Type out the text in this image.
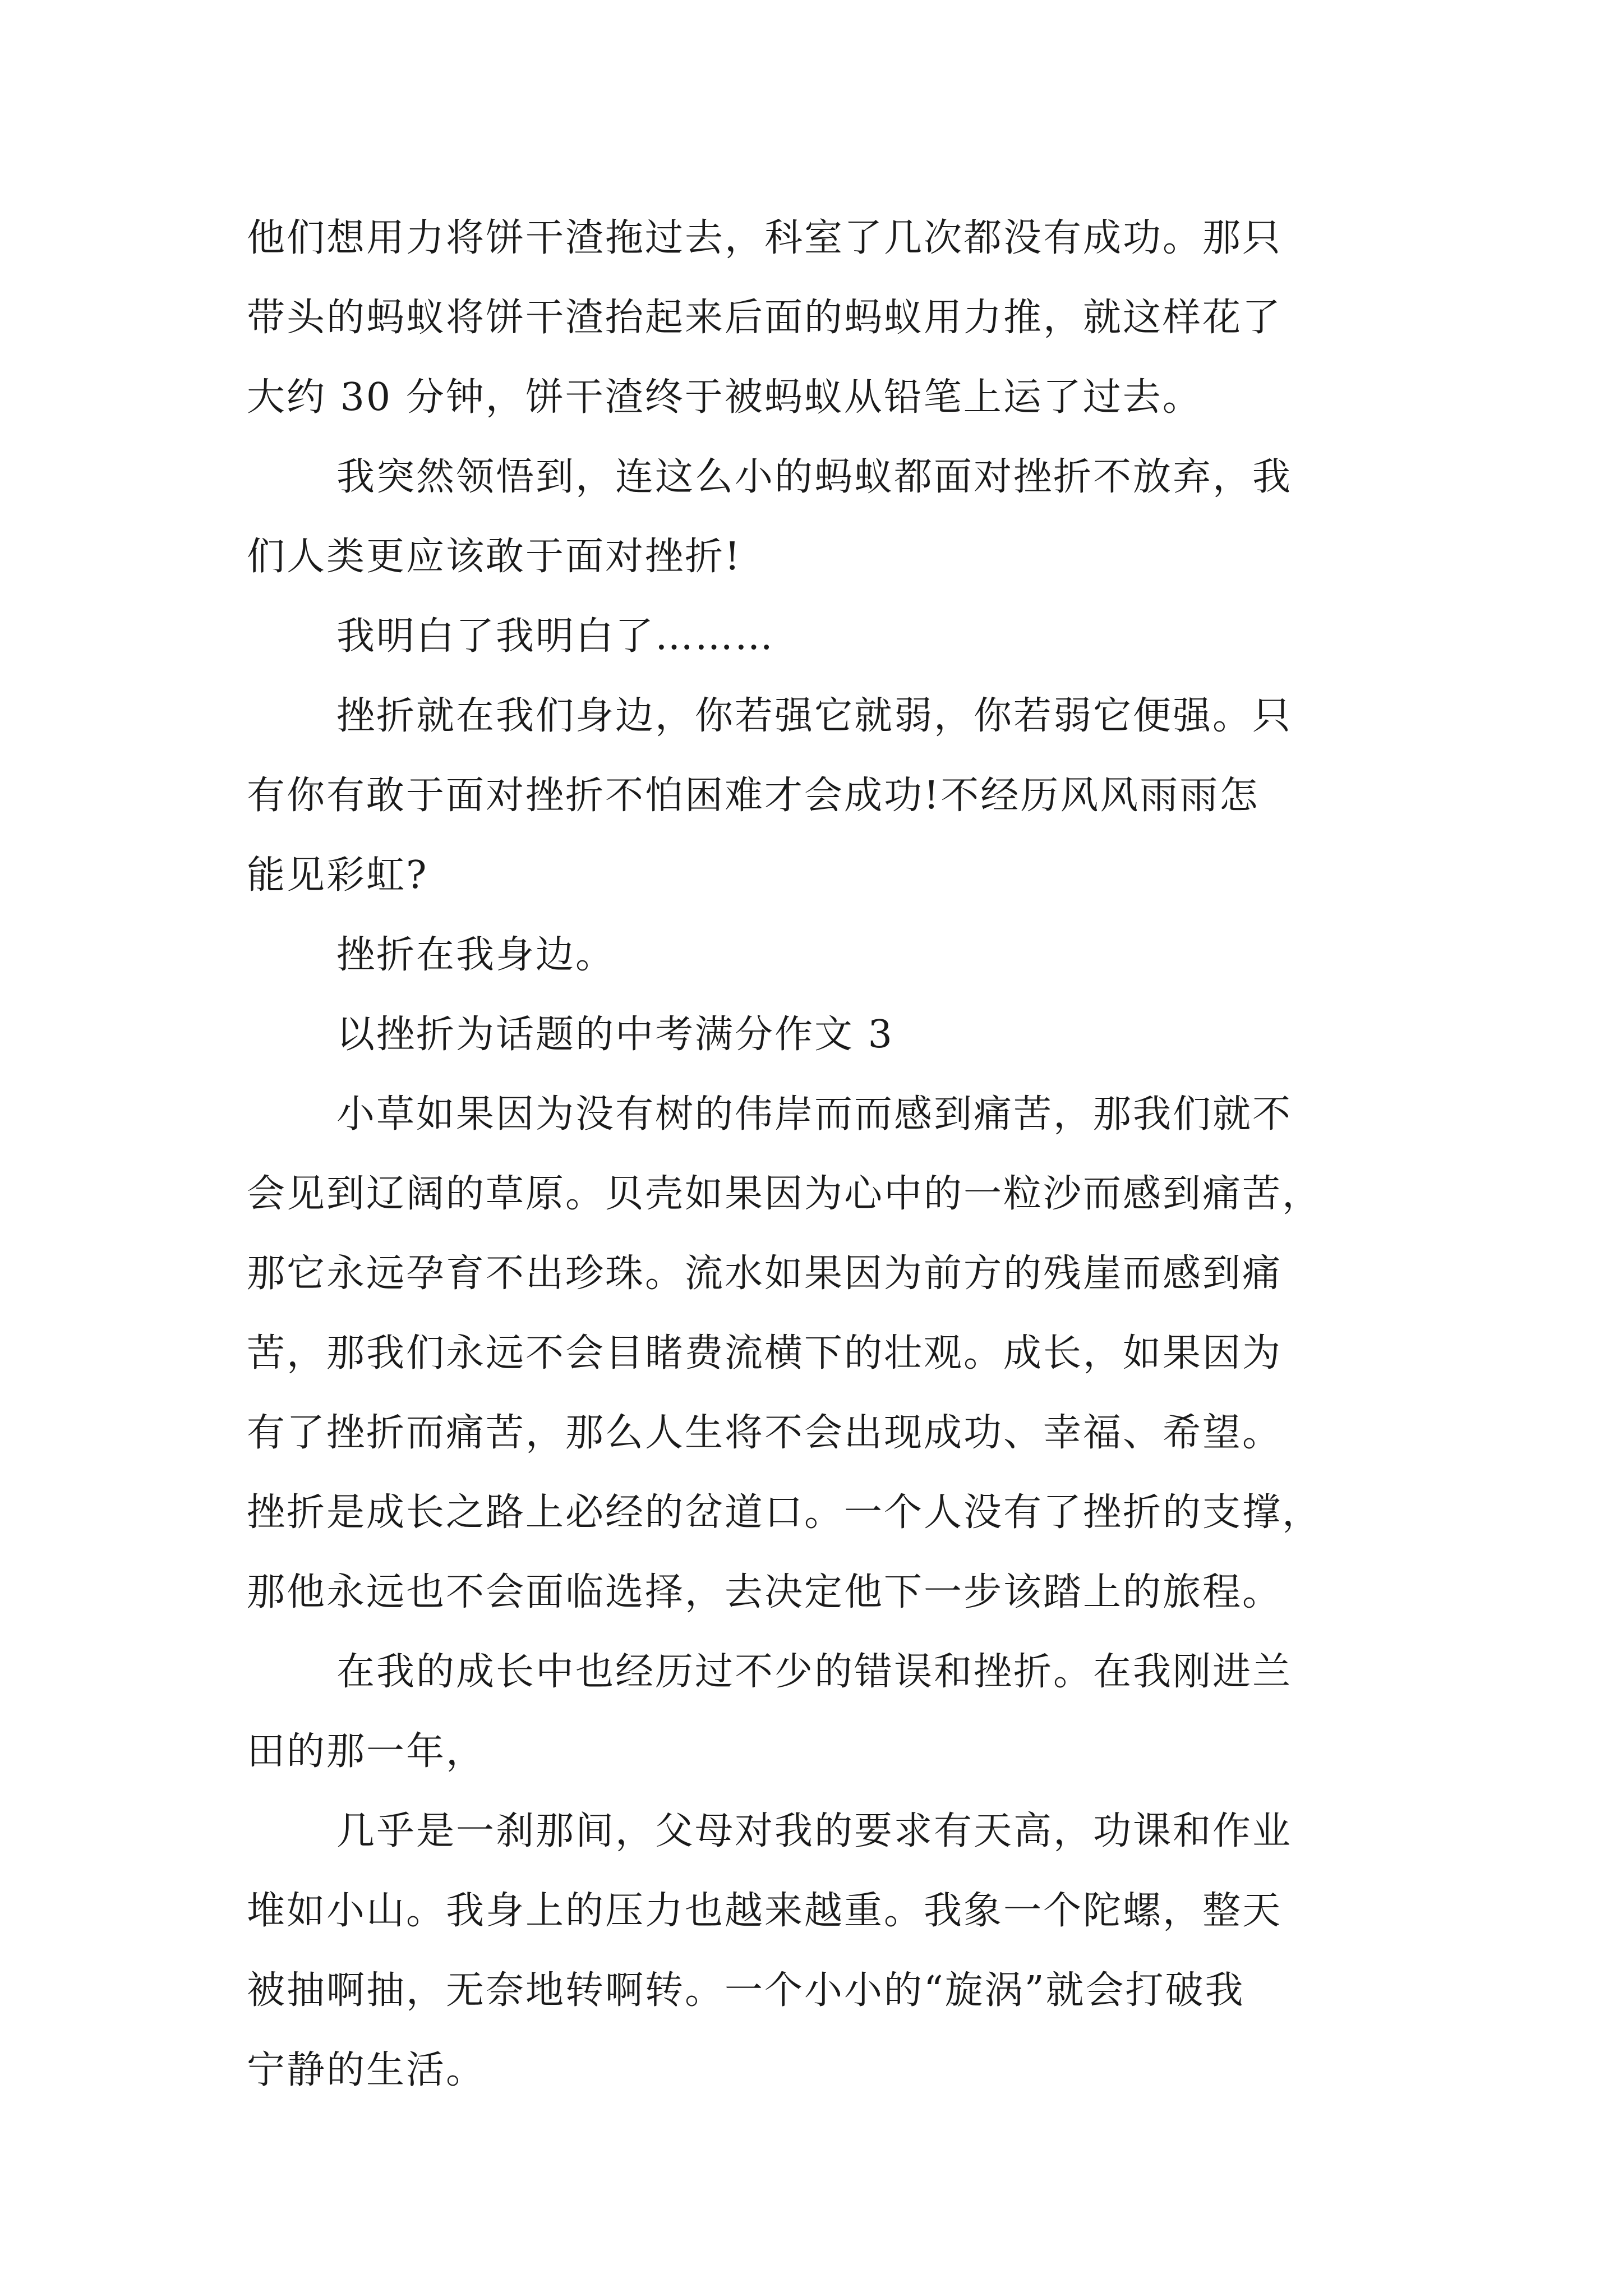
他们想用力将饼干渣拖过去，科室了几次都没有成功。那只
带头的蚂蚁将饼干渣抬起来后面的蚂蚁用力推，就这样花了
大约 30 分钟，饼干渣终于被蚂蚁从铅笔上运了过去。
我突然领悟到，连这么小的蚂蚁都面对挫折不放弃，我
们人类更应该敢于面对挫折!
我明白了我明白了………
挫折就在我们身边，你若强它就弱，你若弱它便强。只
有你有敢于面对挫折不怕困难才会成功!不经历风风雨雨怎
能见彩虹?
挫折在我身边。
以挫折为话题的中考满分作文 3
小草如果因为没有树的伟岸而而感到痛苦，那我们就不
会见到辽阔的草原。贝壳如果因为心中的一粒沙而感到痛苦，
那它永远孕育不出珍珠。流水如果因为前方的残崖而感到痛
苦，那我们永远不会目睹费流横下的壮观。成长，如果因为
有了挫折而痛苦，那么人生将不会出现成功、幸福、希望。
挫折是成长之路上必经的岔道口。一个人没有了挫折的支撑，
那他永远也不会面临选择，去决定他下一步该踏上的旅程。
在我的成长中也经历过不少的错误和挫折。在我刚进兰
田的那一年，
几乎是一刹那间，父母对我的要求有天高，功课和作业
堆如小山。我身上的压力也越来越重。我象一个陀螺，整天
被抽啊抽，无奈地转啊转。一个小小的“旋涡”就会打破我
宁静的生活。
